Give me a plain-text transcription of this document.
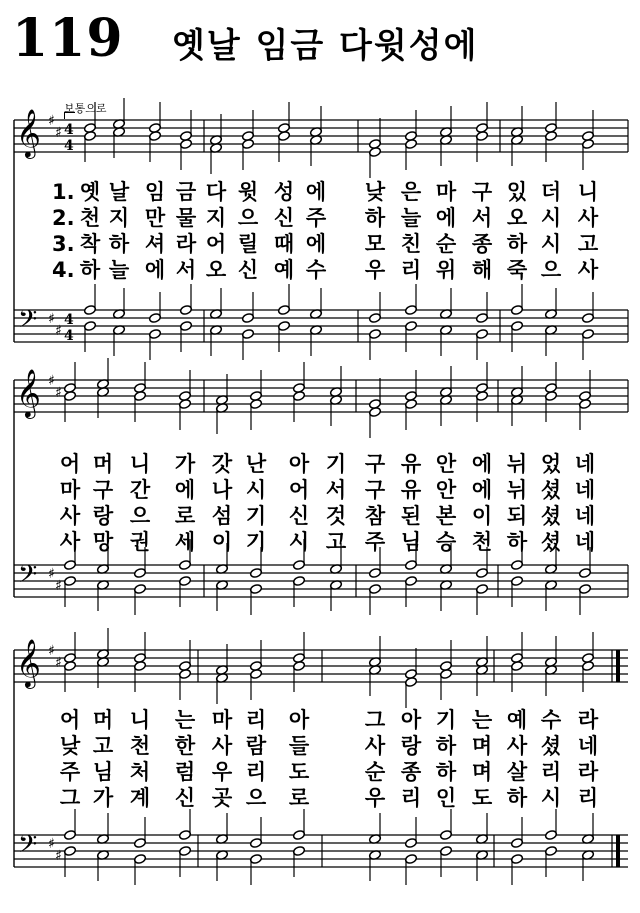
119 옛날 임금 다윗성에
보통으로
𝄞
𝄢
♯
♯
♯
♯
4
4
4
4
𝄞
𝄢
♯
♯
♯
♯
𝄞
𝄢
♯
♯
♯
♯
1. 옛 날 임 금 다 윗 성 에 낮 은 마 구 있 더 니
2. 천 지 만 물 지 으 신 주 하 늘 에 서 오 시 사
3. 착 하 셔 라 어 릴 때 에 모 친 순 종 하 시 고
4. 하 늘 에 서 오 신 예 수 우 리 위 해 죽 으 사
어 머 니 가 갓 난 아 기 구 유 안 에 뉘 었 네
마 구 간 에 나 시 어 서 구 유 안 에 뉘 셨 네
사 랑 으 로 섬 기 신 것 참 된 본 이 되 셨 네
사 망 권 세 이 기 시 고 주 님 승 천 하 셨 네
어 머 니 는 마 리 아	그 아 기 는 예 수 라
낮 고 천 한 사 람 들	사 랑 하 며 사 셨 네
주 님 처 럼 우 리 도	순 종 하 며 살 리 라
그 가 계 신 곳 으 로	우 리 인 도 하 시 리
